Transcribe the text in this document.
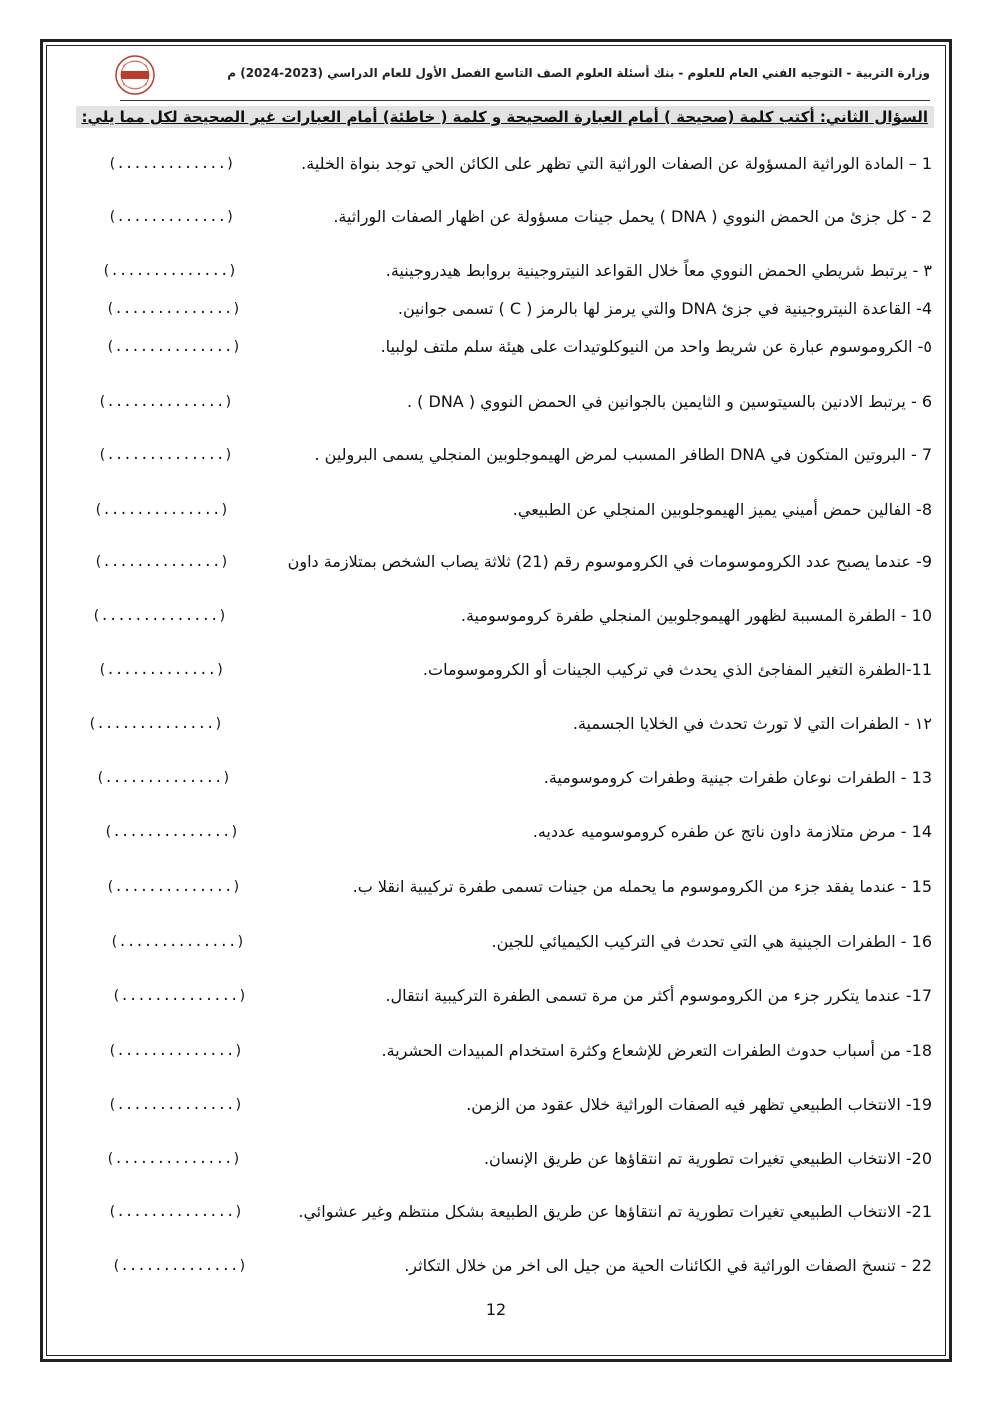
وزارة التربية - التوجيه الفني العام للعلوم - بنك أسئلة العلوم الصف التاسع الفصل الأول للعام الدراسي (2023-2024) م
السؤال الثاني: أكتب كلمة (صحيحة ) أمام العبارة الصحيحة و كلمة ( خاطئة) أمام العبارات غير الصحيحة لكل مما يلي:
1 – المادة الوراثية المسؤولة عن الصفات الوراثية التي تظهر على الكائن الحي توجد بنواة الخلية.
(.............)
2 - كل جزئ من الحمض النووي ( DNA ) يحمل جينات مسؤولة عن اظهار الصفات الوراثية.
(.............)
٣ - يرتبط شريطي الحمض النووي معاً خلال القواعد النيتروجينية بروابط هيدروجينية.
(..............)
4- القاعدة النيتروجينية في جزئ DNA والتي يرمز لها بالرمز ( C ) تسمى جوانين.
(..............)
٥- الكروموسوم عبارة عن شريط واحد من النيوكلوتيدات على هيئة سلم ملتف لولبيا.
(..............)
6 - يرتبط الادنين بالسيتوسين و الثايمين بالجوانين في الحمض النووي ( DNA ) .
(..............)
7 - البروتين المتكون في DNA الطافر المسبب لمرض الهيموجلوبين المنجلي يسمى البرولين .
(..............)
8- الفالين حمض أميني يميز الهيموجلوبين المنجلي عن الطبيعي.
(..............)
9- عندما يصبح عدد الكروموسومات في الكروموسوم رقم (21) ثلاثة يصاب الشخص بمتلازمة داون
(..............)
10 - الطفرة المسببة لظهور الهيموجلوبين المنجلي طفرة كروموسومية.
(..............)
11-الطفرة التغير المفاجئ الذي يحدث في تركيب الجينات أو الكروموسومات.
(.............)
١٢ - الطفرات التي لا تورث تحدث في الخلايا الجسمية.
(..............)
13 - الطفرات نوعان طفرات جينية وطفرات كروموسومية.
(..............)
14 - مرض متلازمة داون ناتج عن طفره كروموسوميه عدديه.
(..............)
15 - عندما يفقد جزء من الكروموسوم ما يحمله من جينات تسمى طفرة تركيبية انقلا ب.
(..............)
16 - الطفرات الجينية هي التي تحدث في التركيب الكيميائي للجين.
(..............)
17- عندما يتكرر جزء من الكروموسوم أكثر من مرة تسمى الطفرة التركيبية انتقال.
(..............)
18- من أسباب حدوث الطفرات التعرض للإشعاع وكثرة استخدام المبيدات الحشرية.
(..............)
19- الانتخاب الطبيعي تظهر فيه الصفات الوراثية خلال عقود من الزمن.
(..............)
20- الانتخاب الطبيعي تغيرات تطورية تم انتقاؤها عن طريق الإنسان.
(..............)
21- الانتخاب الطبيعي تغيرات تطورية تم انتقاؤها عن طريق الطبيعة بشكل منتظم وغير عشوائي.
(..............)
22 - تنسخ الصفات الوراثية في الكائنات الحية من جيل الى اخر من خلال التكاثر.
(..............)
12
